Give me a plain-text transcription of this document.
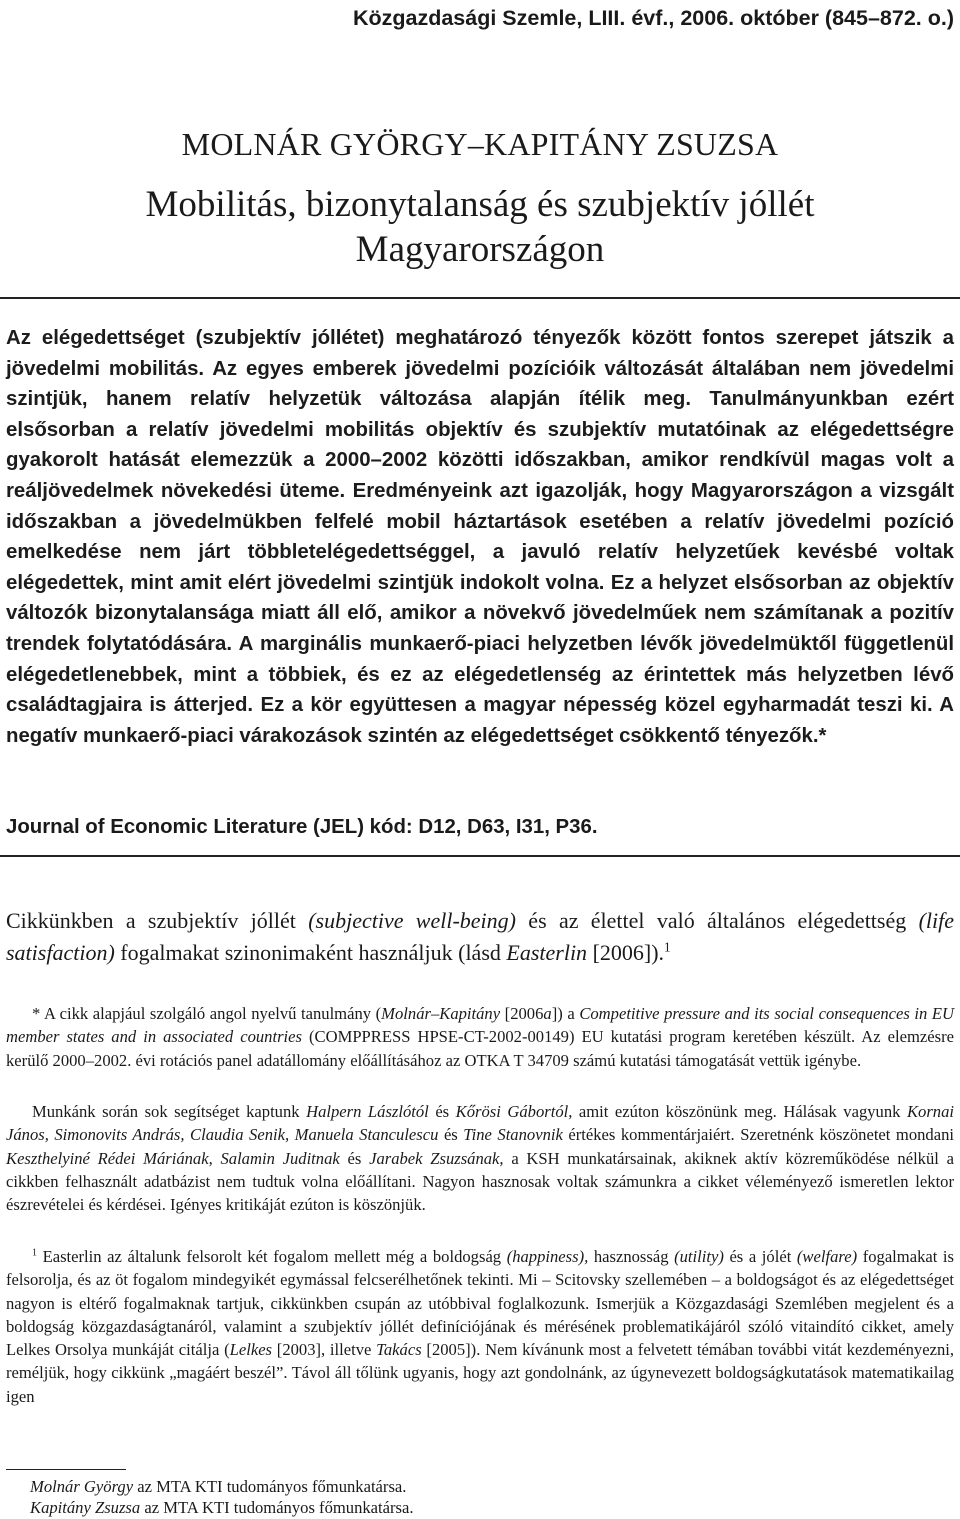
Közgazdasági Szemle, LIII. évf., 2006. október (845–872. o.)
MOLNÁR GYÖRGY–KAPITÁNY ZSUZSA
Mobilitás, bizonytalanság és szubjektív jóllét
Magyarországon
Az elégedettséget (szubjektív jóllétet) meghatározó tényezők között fontos szerepet játszik a jövedelmi mobilitás. Az egyes emberek jövedelmi pozícióik változását általában nem jövedelmi szintjük, hanem relatív helyzetük változása alapján ítélik meg. Tanulmányunkban ezért elsősorban a relatív jövedelmi mobilitás objektív és szubjektív mutatóinak az elégedettségre gyakorolt hatását elemezzük a 2000–2002 közötti időszakban, amikor rendkívül magas volt a reáljövedelmek növekedési üteme. Eredményeink azt igazolják, hogy Magyarországon a vizsgált időszakban a jövedelmükben felfelé mobil háztartások esetében a relatív jövedelmi pozíció emelkedése nem járt többletelégedettséggel, a javuló relatív helyzetűek kevésbé voltak elégedettek, mint amit elért jövedelmi szintjük indokolt volna. Ez a helyzet elsősorban az objektív változók bizonytalansága miatt áll elő, amikor a növekvő jövedelműek nem számítanak a pozitív trendek folytatódására. A marginális munkaerő-piaci helyzetben lévők jövedelmüktől függetlenül elégedetlenebbek, mint a többiek, és ez az elégedetlenség az érintettek más helyzetben lévő családtagjaira is átterjed. Ez a kör együttesen a magyar népesség közel egyharmadát teszi ki. A negatív munkaerő-piaci várakozások szintén az elégedettséget csökkentő tényezők.*
Journal of Economic Literature (JEL) kód: D12, D63, I31, P36.
Cikkünkben a szubjektív jóllét (subjective well-being) és az élettel való általános elégedettség (life satisfaction) fogalmakat szinonimaként használjuk (lásd Easterlin [2006]).$^1$
* A cikk alapjául szolgáló angol nyelvű tanulmány (Molnár–Kapitány [2006a]) a Competitive pressure and its social consequences in EU member states and in associated countries (COMPPRESS HPSE-CT-2002-00149) EU kutatási program keretében készült. Az elemzésre kerülő 2000–2002. évi rotációs panel adatállomány előállításához az OTKA T 34709 számú kutatási támogatását vettük igénybe.
Munkánk során sok segítséget kaptunk Halpern Lászlótól és Kőrösi Gábortól, amit ezúton köszönünk meg. Hálásak vagyunk Kornai János, Simonovits András, Claudia Senik, Manuela Stanculescu és Tine Stanovnik értékes kommentárjaiért. Szeretnénk köszönetet mondani Keszthelyiné Rédei Máriának, Salamin Juditnak és Jarabek Zsuzsának, a KSH munkatársainak, akiknek aktív közreműködése nélkül a cikkben felhasznált adatbázist nem tudtuk volna előállítani. Nagyon hasznosak voltak számunkra a cikket véleményező ismeretlen lektor észrevételei és kérdései. Igényes kritikáját ezúton is köszönjük.
$^1$ Easterlin az általunk felsorolt két fogalom mellett még a boldogság (happiness), hasznosság (utility) és a jólét (welfare) fogalmakat is felsorolja, és az öt fogalom mindegyikét egymással felcserélhetőnek tekinti. Mi – Scitovsky szellemében – a boldogságot és az elégedettséget nagyon is eltérő fogalmaknak tartjuk, cikkünkben csupán az utóbbival foglalkozunk. Ismerjük a Közgazdasági Szemlében megjelent és a boldogság közgazdaságtanáról, valamint a szubjektív jóllét definíciójának és mérésének problematikájáról szóló vitaindító cikket, amely Lelkes Orsolya munkáját citálja (Lelkes [2003], illetve Takács [2005]). Nem kívánunk most a felvetett témában további vitát kezdeményezni, reméljük, hogy cikkünk „magáért beszél”. Távol áll tőlünk ugyanis, hogy azt gondolnánk, az úgynevezett boldogságkutatások matematikailag igen
Molnár György az MTA KTI tudományos főmunkatársa.
Kapitány Zsuzsa az MTA KTI tudományos főmunkatársa.
